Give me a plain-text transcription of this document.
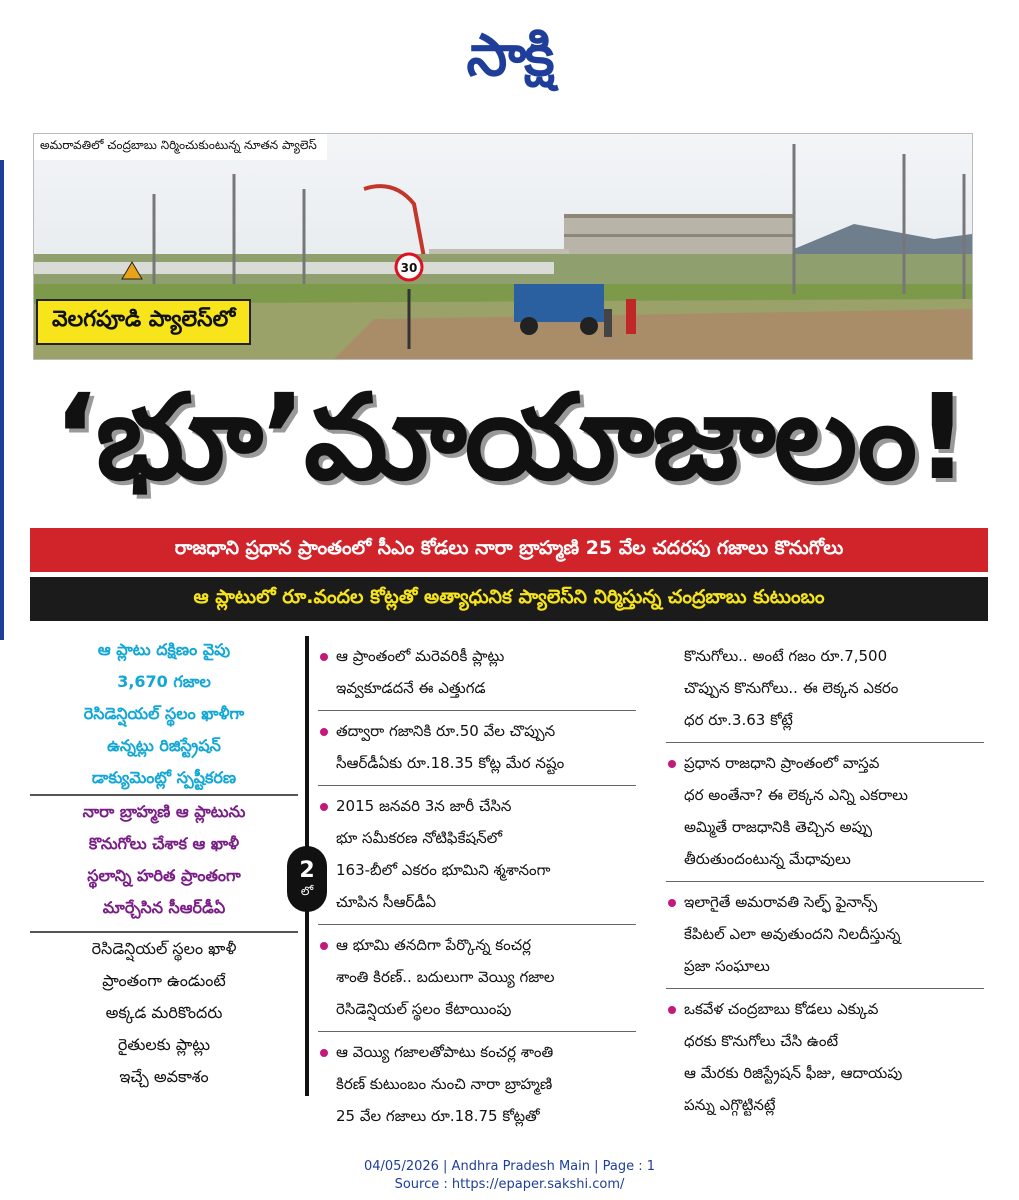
సాక్షి
30
అమరావతిలో చంద్రబాబు నిర్మించుకుంటున్న నూతన ప్యాలెస్
వెలగపూడి ప్యాలెస్‌లో
‘భూ’మాయాజాలం!
రాజధాని ప్రధాన ప్రాంతంలో సీఎం కోడలు నారా బ్రాహ్మణి 25 వేల చదరపు గజాలు కొనుగోలు
ఆ ప్లాటులో రూ.వందల కోట్లతో అత్యాధునిక ప్యాలెస్‌ని నిర్మిస్తున్న చంద్రబాబు కుటుంబం
ఆ ప్లాటు దక్షిణం వైపు
3,670 గజాల
రెసిడెన్షియల్ స్థలం ఖాళీగా
ఉన్నట్లు రిజిస్ట్రేషన్
డాక్యుమెంట్లో స్పష్టీకరణ
నారా బ్రాహ్మణి ఆ ప్లాటును
కొనుగోలు చేశాక ఆ ఖాళీ
స్థలాన్ని హరిత ప్రాంతంగా
మార్చేసిన సీఆర్‌డీఏ
రెసిడెన్షియల్ స్థలం ఖాళీ
ప్రాంతంగా ఉండుంటే
అక్కడ మరికొందరు
రైతులకు ప్లాట్లు
ఇచ్చే అవకాశం
2
లో
ఆ ప్రాంతంలో మరెవరికీ ప్లాట్లు
ఇవ్వకూడదనే ఈ ఎత్తుగడ
తద్వారా గజానికి రూ.50 వేల చొప్పున
సీఆర్‌డీఏకు రూ.18.35 కోట్ల మేర నష్టం
2015 జనవరి 3న జారీ చేసిన
భూ సమీకరణ నోటిఫికేషన్‌లో
163-బీలో ఎకరం భూమిని శ్మశానంగా
చూపిన సీఆర్‌డీఏ
ఆ భూమి తనదిగా పేర్కొన్న కంచర్ల
శాంతి కిరణ్.. బదులుగా వెయ్యి గజాల
రెసిడెన్షియల్ స్థలం కేటాయింపు
ఆ వెయ్యి గజాలతోపాటు కంచర్ల శాంతి
కిరణ్ కుటుంబం నుంచి నారా బ్రాహ్మణి
25 వేల గజాలు రూ.18.75 కోట్లతో
కొనుగోలు.. అంటే గజం రూ.7,500
చొప్పున కొనుగోలు.. ఈ లెక్కన ఎకరం
ధర రూ.3.63 కోట్లే
ప్రధాన రాజధాని ప్రాంతంలో వాస్తవ
ధర అంతేనా? ఈ లెక్కన ఎన్ని ఎకరాలు
అమ్మితే రాజధానికి తెచ్చిన అప్పు
తీరుతుందంటున్న మేధావులు
ఇలాగైతే అమరావతి సెల్ఫ్ ఫైనాన్స్
కేపిటల్ ఎలా అవుతుందని నిలదీస్తున్న
ప్రజా సంఘాలు
ఒకవేళ చంద్రబాబు కోడలు ఎక్కువ
ధరకు కొనుగోలు చేసి ఉంటే
ఆ మేరకు రిజిస్ట్రేషన్ ఫీజు, ఆదాయపు
పన్ను ఎగ్గొట్టినట్లే
04/05/2026 | Andhra Pradesh Main | Page : 1
Source : https://epaper.sakshi.com/
